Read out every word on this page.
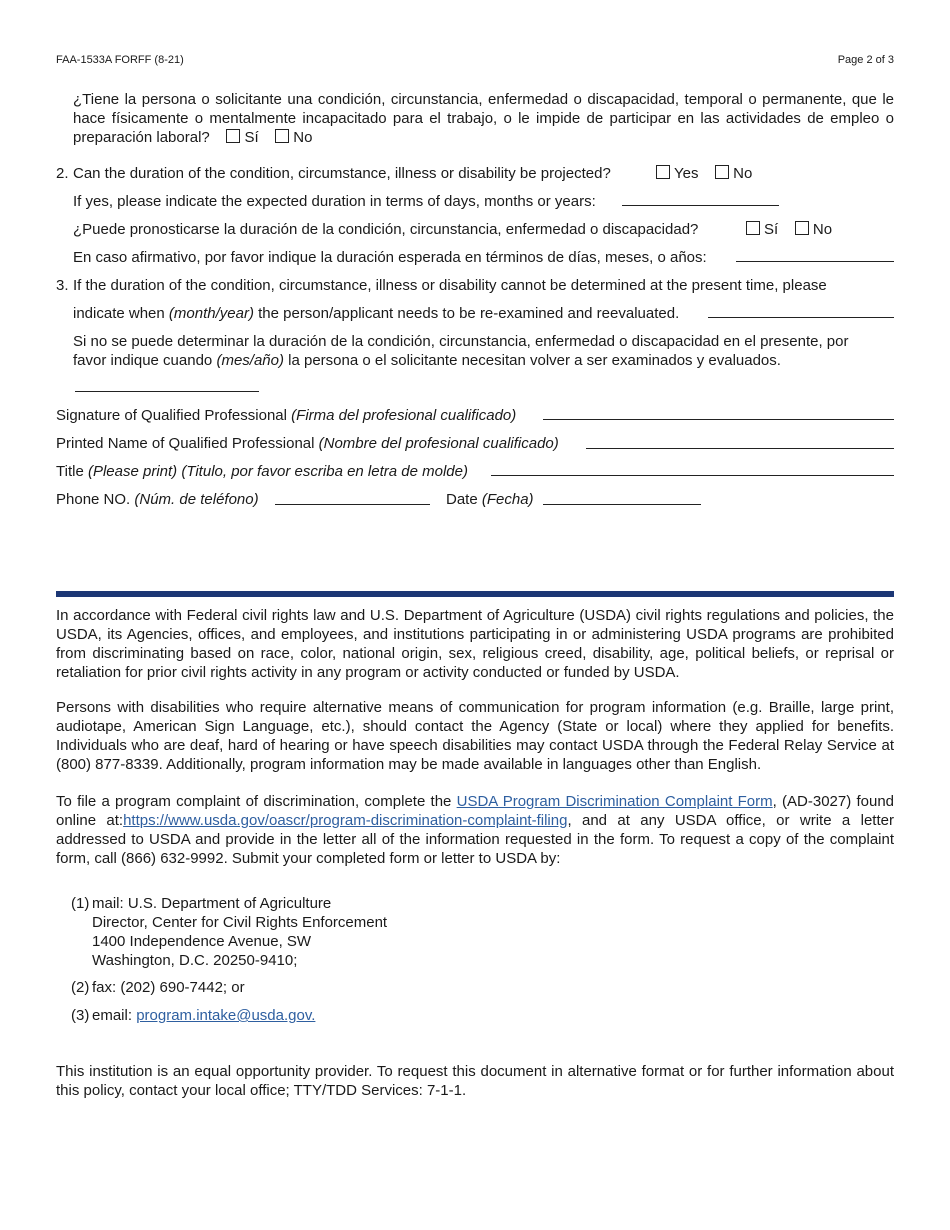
FAA-1533A FORFF (8-21)	Page 2 of 3
¿Tiene la persona o solicitante una condición, circunstancia, enfermedad o discapacidad, temporal o permanente, que le hace físicamente o mentalmente incapacitado para el trabajo, o le impide de participar en las actividades de empleo o preparación laboral? Sí No
2. Can the duration of the condition, circumstance, illness or disability be projected?	Yes No
If yes, please indicate the expected duration in terms of days, months or years:
¿Puede pronosticarse la duración de la condición, circunstancia, enfermedad o discapacidad?	Sí No
En caso afirmativo, por favor indique la duración esperada en términos de días, meses, o años:
3. If the duration of the condition, circumstance, illness or disability cannot be determined at the present time, please
indicate when (month/year) the person/applicant needs to be re-examined and reevaluated.
Si no se puede determinar la duración de la condición, circunstancia, enfermedad o discapacidad en el presente, por
favor indique cuando (mes/año) la persona o el solicitante necesitan volver a ser examinados y evaluados.
Signature of Qualified Professional (Firma del profesional cualificado)
Printed Name of Qualified Professional (Nombre del profesional cualificado)
Title (Please print) (Titulo, por favor escriba en letra de molde)
Phone NO. (Núm. de teléfono)	Date (Fecha)
In accordance with Federal civil rights law and U.S. Department of Agriculture (USDA) civil rights regulations and policies, the USDA, its Agencies, offices, and employees, and institutions participating in or administering USDA programs are prohibited from discriminating based on race, color, national origin, sex, religious creed, disability, age, political beliefs, or reprisal or retaliation for prior civil rights activity in any program or activity conducted or funded by USDA.
Persons with disabilities who require alternative means of communication for program information (e.g. Braille, large print, audiotape, American Sign Language, etc.), should contact the Agency (State or local) where they applied for benefits. Individuals who are deaf, hard of hearing or have speech disabilities may contact USDA through the Federal Relay Service at (800) 877-8339. Additionally, program information may be made available in languages other than English.
To file a program complaint of discrimination, complete the USDA Program Discrimination Complaint Form, (AD-3027) found online at:https://www.usda.gov/oascr/program-discrimination-complaint-filing, and at any USDA office, or write a letter addressed to USDA and provide in the letter all of the information requested in the form. To request a copy of the complaint form, call (866) 632-9992. Submit your completed form or letter to USDA by:
(1) mail: U.S. Department of Agriculture
Director, Center for Civil Rights Enforcement
1400 Independence Avenue, SW
Washington, D.C. 20250-9410;
(2) fax: (202) 690-7442; or
(3) email: program.intake@usda.gov.
This institution is an equal opportunity provider. To request this document in alternative format or for further information about this policy, contact your local office; TTY/TDD Services: 7-1-1.
